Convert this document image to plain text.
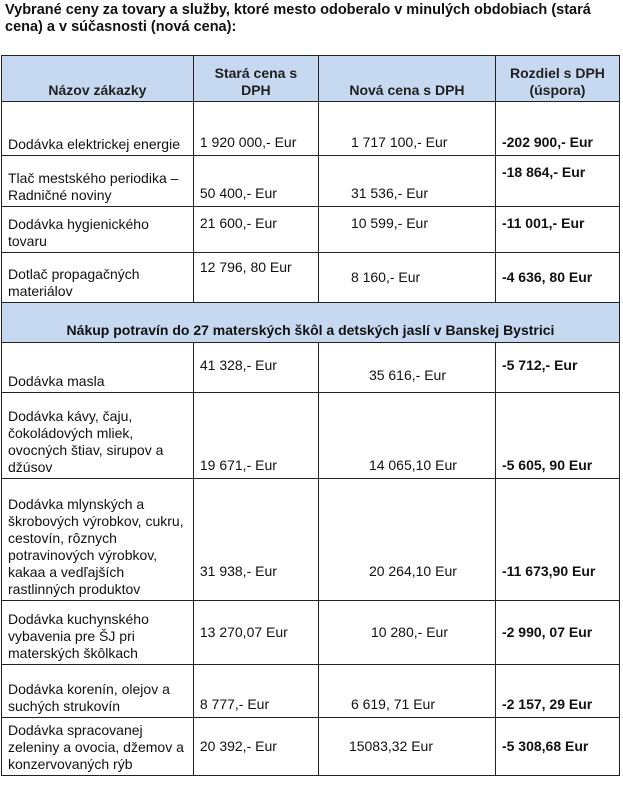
Vybrané ceny za tovary a služby, ktoré mesto odoberalo v minulých obdobiach (stará cena) a v súčasnosti (nová cena):
Názov zákazky	Stará cena s DPH	Nová cena s DPH	Rozdiel s DPH (úspora)
Dodávka elektrickej energie	1 920 000,- Eur	1 717 100,- Eur	-202 900,- Eur
Tlač mestského periodika – Radničné noviny	50 400,- Eur	31 536,- Eur	-18 864,- Eur
Dodávka hygienického tovaru	21 600,- Eur	10 599,- Eur	-11 001,- Eur
Dotlač propagačných materiálov	12 796, 80 Eur	8 160,- Eur	-4 636, 80 Eur
Nákup potravín do 27 materských škôl a detských jaslí v Banskej Bystrici			
Dodávka masla	41 328,- Eur	35 616,- Eur	-5 712,- Eur
Dodávka kávy, čaju, čokoládových mliek, ovocných štiav, sirupov a džúsov	19 671,- Eur	14 065,10 Eur	-5 605, 90 Eur
Dodávka mlynských a škrobových výrobkov, cukru, cestovín, rôznych potravinových výrobkov, kakaa a vedľajších rastlinných produktov	31 938,- Eur	20 264,10 Eur	-11 673,90 Eur
Dodávka kuchynského vybavenia pre ŠJ pri materských škôlkach	13 270,07 Eur	10 280,- Eur	-2 990, 07 Eur
Dodávka korenín, olejov a suchých strukovín	8 777,- Eur	6 619, 71 Eur	-2 157, 29 Eur
Dodávka spracovanej zeleniny a ovocia, džemov a konzervovaných rýb	20 392,- Eur	15083,32 Eur	-5 308,68 Eur
